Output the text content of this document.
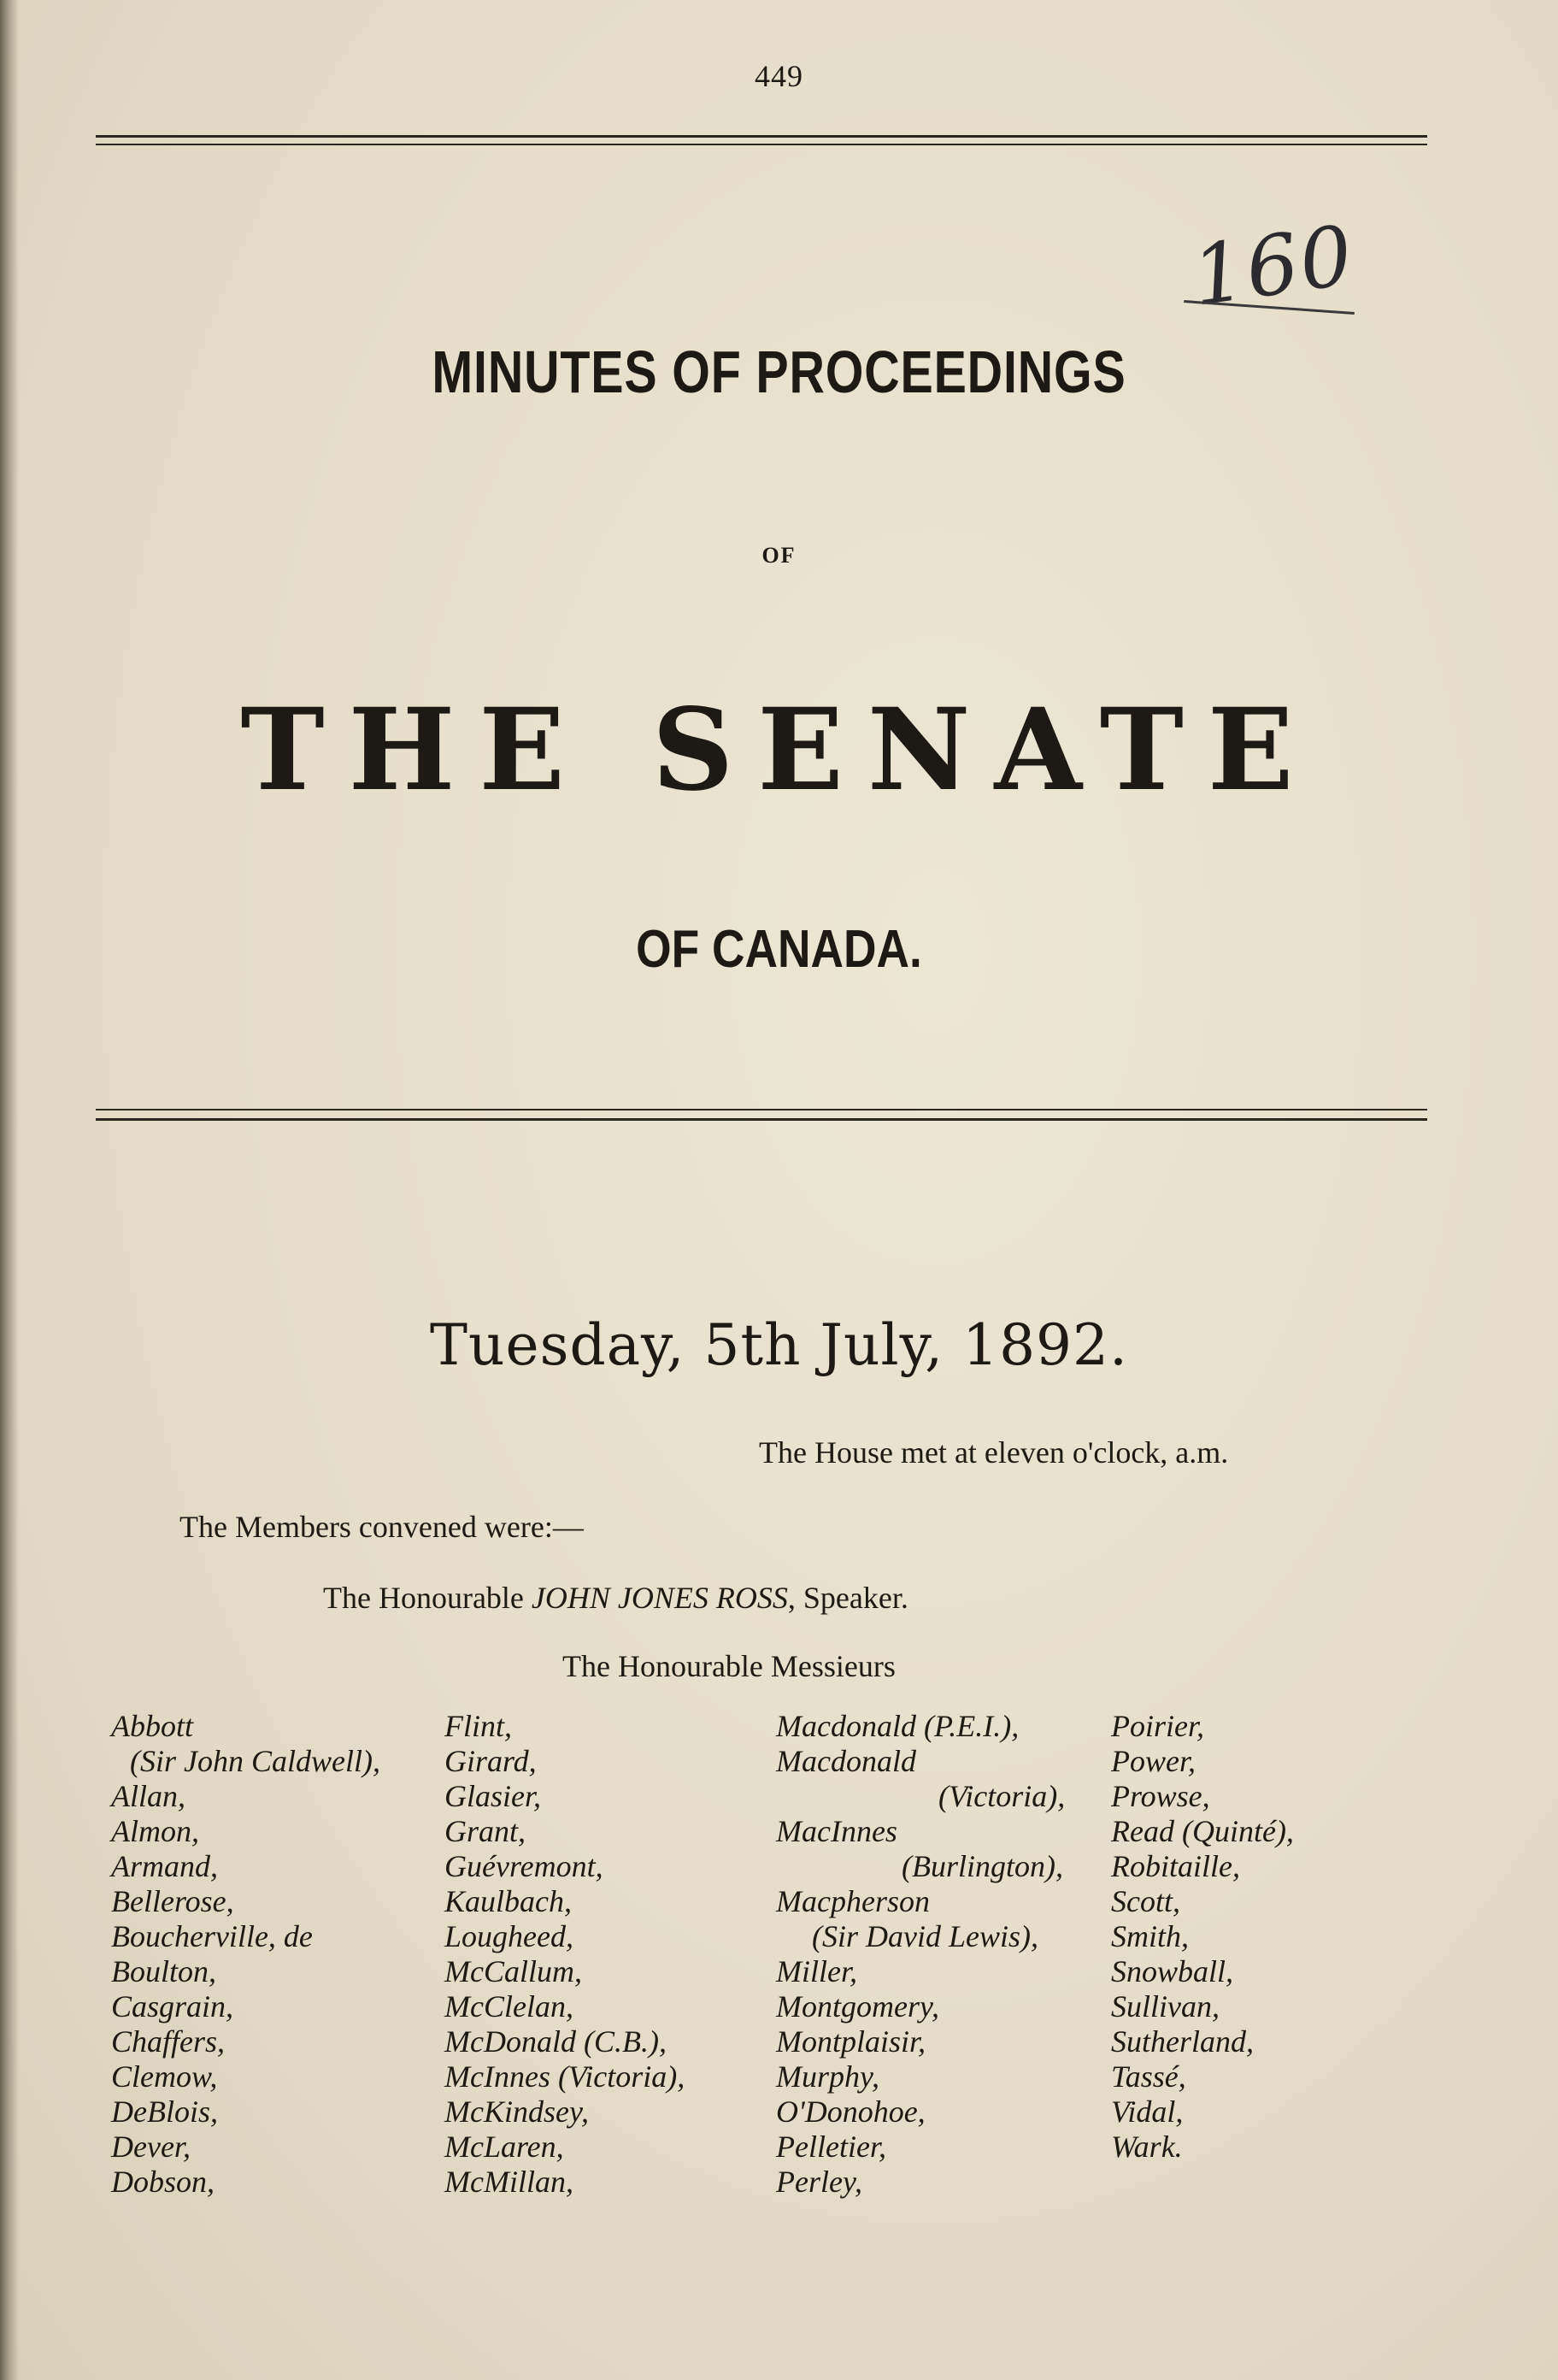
449
160
MINUTES OF PROCEEDINGS
OF
THE SENATE
OF CANADA.
Tuesday, 5th July, 1892.
The House met at eleven o'clock, a.m.
The Members convened were:—
The Honourable JOHN JONES ROSS, Speaker.
The Honourable Messieurs
Abbott
(Sir John Caldwell),
Allan,
Almon,
Armand,
Bellerose,
Boucherville, de
Boulton,
Casgrain,
Chaffers,
Clemow,
DeBlois,
Dever,
Dobson,
Flint,
Girard,
Glasier,
Grant,
Guévremont,
Kaulbach,
Lougheed,
McCallum,
McClelan,
McDonald (C.B.),
McInnes (Victoria),
McKindsey,
McLaren,
McMillan,
Macdonald (P.E.I.),
Macdonald
(Victoria),
MacInnes
(Burlington),
Macpherson
(Sir David Lewis),
Miller,
Montgomery,
Montplaisir,
Murphy,
O'Donohoe,
Pelletier,
Perley,
Poirier,
Power,
Prowse,
Read (Quinté),
Robitaille,
Scott,
Smith,
Snowball,
Sullivan,
Sutherland,
Tassé,
Vidal,
Wark.
